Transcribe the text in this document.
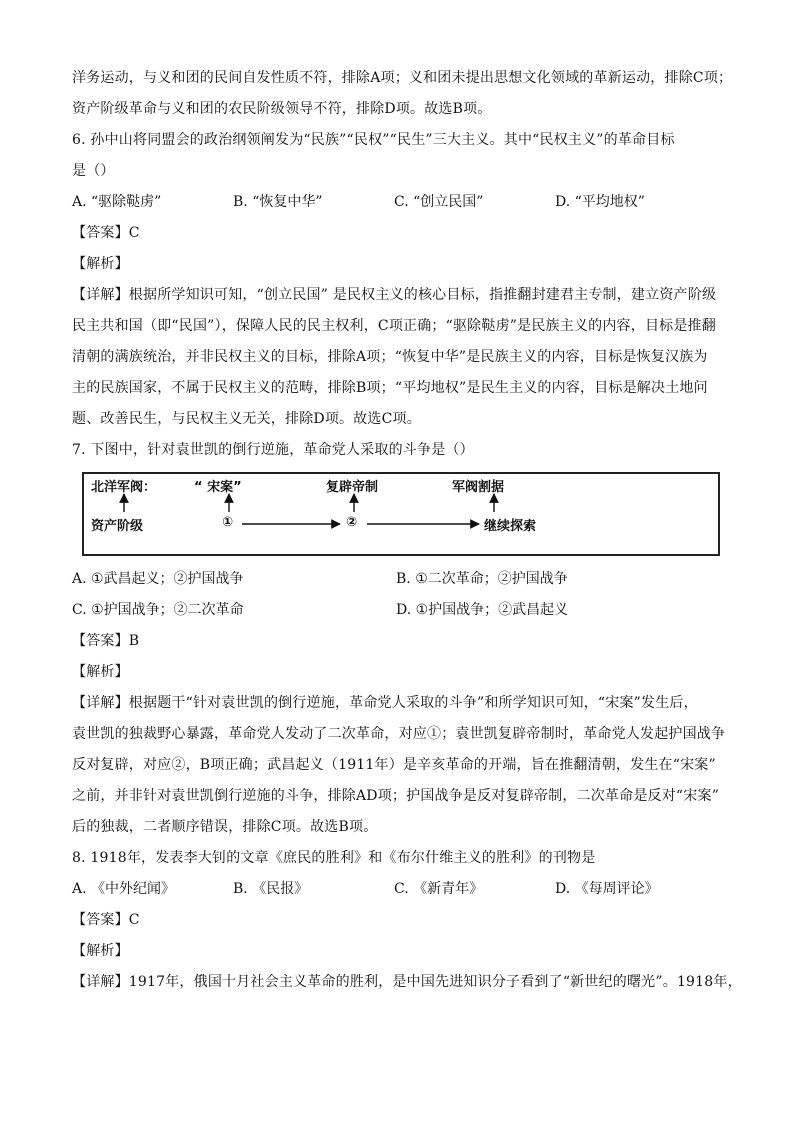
洋务运动，与义和团的民间自发性质不符，排除A项；义和团未提出思想文化领域的革新运动，排除C项；
资产阶级革命与义和团的农民阶级领导不符，排除D项。故选B项。
6. 孙中山将同盟会的政治纲领阐发为“民族”“民权”“民生”三大主义。其中“民权主义”的革命目标
是（）
A. “驱除鞑虏”	B. “恢复中华”	C. “创立民国”	D. “平均地权”
【答案】C
【解析】
【详解】根据所学知识可知，“创立民国” 是民权主义的核心目标，指推翻封建君主专制，建立资产阶级
民主共和国（即“民国”），保障人民的民主权利，C项正确；“驱除鞑虏”是民族主义的内容，目标是推翻
清朝的满族统治，并非民权主义的目标，排除A项；“恢复中华”是民族主义的内容，目标是恢复汉族为
主的民族国家，不属于民权主义的范畴，排除B项；“平均地权”是民生主义的内容，目标是解决土地问
题、改善民生，与民权主义无关，排除D项。故选C项。
7. 下图中，针对袁世凯的倒行逆施，革命党人采取的斗争是（）
北洋军阀：	“ 宋案”	复辟帝制	军阀割据
资产阶级	①	②	继续探索
A. ①武昌起义；②护国战争	B. ①二次革命；②护国战争
C. ①护国战争；②二次革命	D. ①护国战争；②武昌起义
【答案】B
【解析】
【详解】根据题干“针对袁世凯的倒行逆施，革命党人采取的斗争”和所学知识可知，“宋案”发生后，
袁世凯的独裁野心暴露，革命党人发动了二次革命，对应①；袁世凯复辟帝制时，革命党人发起护国战争
反对复辟，对应②，B项正确；武昌起义（1911年）是辛亥革命的开端，旨在推翻清朝，发生在“宋案”
之前，并非针对袁世凯倒行逆施的斗争，排除AD项；护国战争是反对复辟帝制，二次革命是反对“宋案”
后的独裁，二者顺序错误，排除C项。故选B项。
8. 1918年，发表李大钊的文章《庶民的胜利》和《布尔什维主义的胜利》的刊物是
A. 《中外纪闻》	B. 《民报》	C. 《新青年》	D. 《每周评论》
【答案】C
【解析】
【详解】1917年，俄国十月社会主义革命的胜利，是中国先进知识分子看到了“新世纪的曙光”。1918年，
